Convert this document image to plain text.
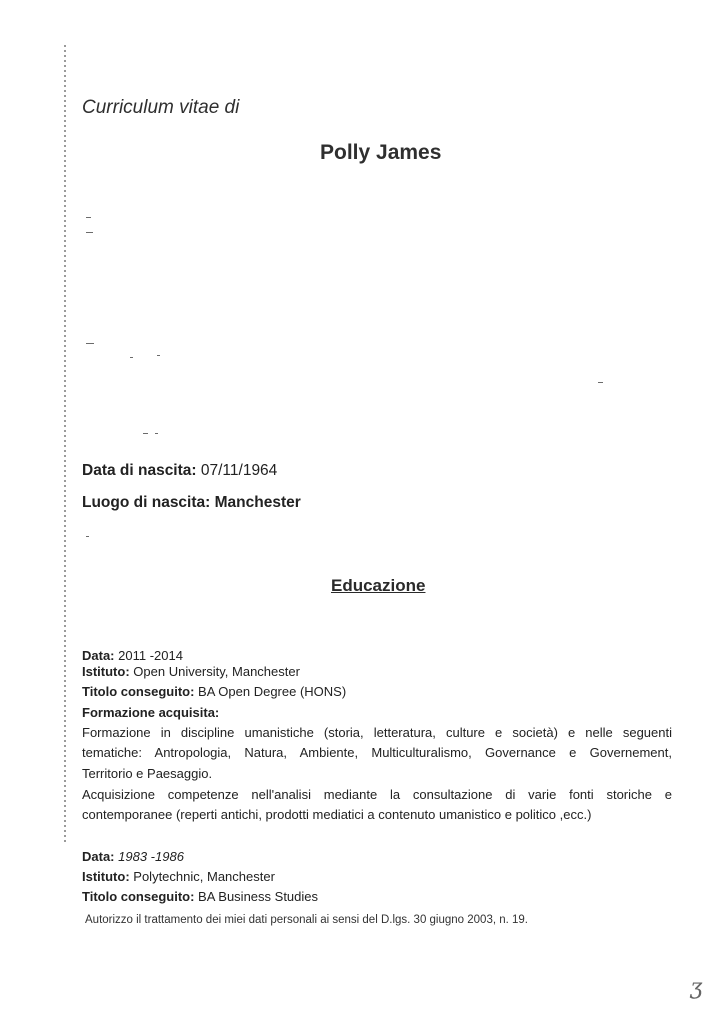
Curriculum vitae di
Polly James
Data di nascita: 07/11/1964
Luogo di nascita: Manchester
Educazione
Data: 2011 -2014
Istituto: Open University, Manchester
Titolo conseguito: BA Open Degree (HONS)
Formazione acquisita:
Formazione in discipline umanistiche (storia, letteratura, culture e società) e nelle seguenti
tematiche: Antropologia, Natura, Ambiente, Multiculturalismo, Governance e Governement,
Territorio e Paesaggio.
Acquisizione competenze nell'analisi mediante la consultazione di varie fonti storiche e
contemporanee (reperti antichi, prodotti mediatici a contenuto umanistico e politico ,ecc.)
Data: 1983 -1986
Istituto: Polytechnic, Manchester
Titolo conseguito: BA Business Studies
Autorizzo il trattamento dei miei dati personali ai sensi del D.lgs. 30 giugno 2003, n. 19.
ʒ
